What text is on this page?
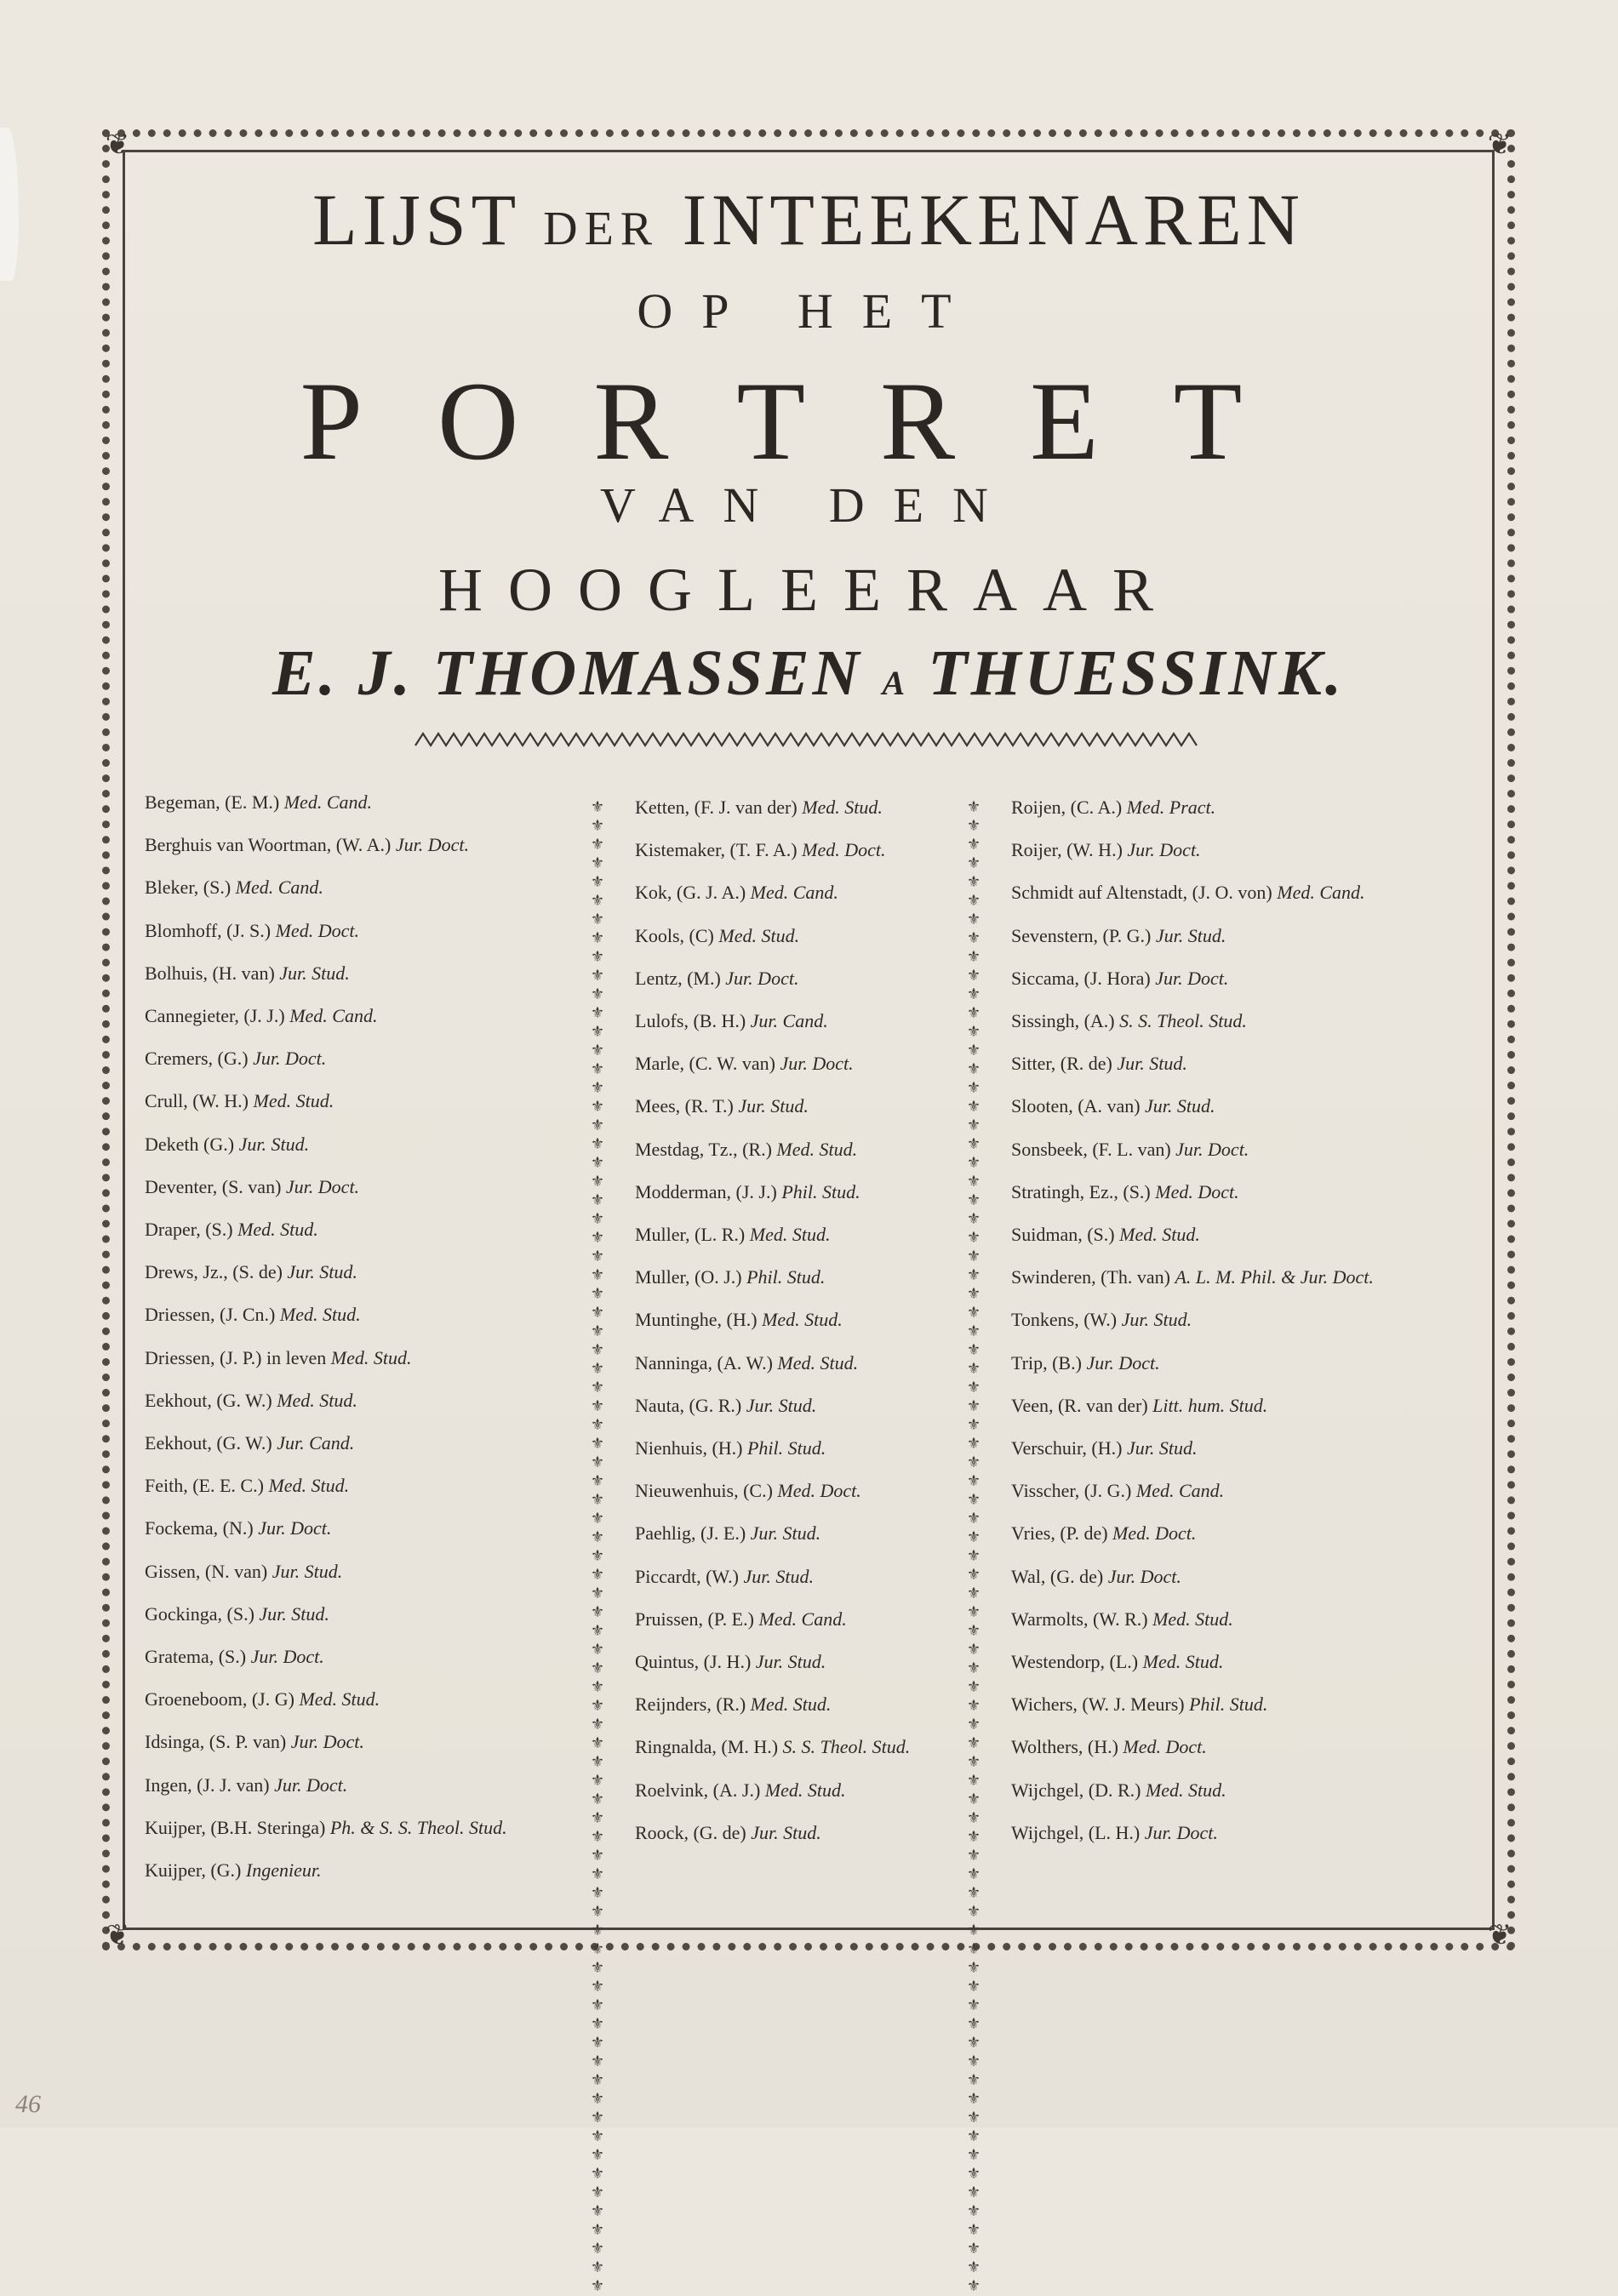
❦	❦
❦	❦
LIJST DER INTEEKENAREN
OP HET
PORTRET
VAN DEN
HOOGLEERAAR
E. J. THOMASSEN A THUESSINK.
Begeman, (E. M.) Med. Cand.
Berghuis van Woortman, (W. A.) Jur. Doct.
Bleker, (S.) Med. Cand.
Blomhoff, (J. S.) Med. Doct.
Bolhuis, (H. van) Jur. Stud.
Cannegieter, (J. J.) Med. Cand.
Cremers, (G.) Jur. Doct.
Crull, (W. H.) Med. Stud.
Deketh (G.) Jur. Stud.
Deventer, (S. van) Jur. Doct.
Draper, (S.) Med. Stud.
Drews, Jz., (S. de) Jur. Stud.
Driessen, (J. Cn.) Med. Stud.
Driessen, (J. P.) in leven Med. Stud.
Eekhout, (G. W.) Med. Stud.
Eekhout, (G. W.) Jur. Cand.
Feith, (E. E. C.) Med. Stud.
Fockema, (N.) Jur. Doct.
Gissen, (N. van) Jur. Stud.
Gockinga, (S.) Jur. Stud.
Gratema, (S.) Jur. Doct.
Groeneboom, (J. G) Med. Stud.
Idsinga, (S. P. van) Jur. Doct.
Ingen, (J. J. van) Jur. Doct.
Kuijper, (B.H. Steringa) Ph. & S. S. Theol. Stud.
Kuijper, (G.) Ingenieur.
Ketten, (F. J. van der) Med. Stud.
Kistemaker, (T. F. A.) Med. Doct.
Kok, (G. J. A.) Med. Cand.
Kools, (C) Med. Stud.
Lentz, (M.) Jur. Doct.
Lulofs, (B. H.) Jur. Cand.
Marle, (C. W. van) Jur. Doct.
Mees, (R. T.) Jur. Stud.
Mestdag, Tz., (R.) Med. Stud.
Modderman, (J. J.) Phil. Stud.
Muller, (L. R.) Med. Stud.
Muller, (O. J.) Phil. Stud.
Muntinghe, (H.) Med. Stud.
Nanninga, (A. W.) Med. Stud.
Nauta, (G. R.) Jur. Stud.
Nienhuis, (H.) Phil. Stud.
Nieuwenhuis, (C.) Med. Doct.
Paehlig, (J. E.) Jur. Stud.
Piccardt, (W.) Jur. Stud.
Pruissen, (P. E.) Med. Cand.
Quintus, (J. H.) Jur. Stud.
Reijnders, (R.) Med. Stud.
Ringnalda, (M. H.) S. S. Theol. Stud.
Roelvink, (A. J.) Med. Stud.
Roock, (G. de) Jur. Stud.
Roijen, (C. A.) Med. Pract.
Roijer, (W. H.) Jur. Doct.
Schmidt auf Altenstadt, (J. O. von) Med. Cand.
Sevenstern, (P. G.) Jur. Stud.
Siccama, (J. Hora) Jur. Doct.
Sissingh, (A.) S. S. Theol. Stud.
Sitter, (R. de) Jur. Stud.
Slooten, (A. van) Jur. Stud.
Sonsbeek, (F. L. van) Jur. Doct.
Stratingh, Ez., (S.) Med. Doct.
Suidman, (S.) Med. Stud.
Swinderen, (Th. van) A. L. M. Phil. & Jur. Doct.
Tonkens, (W.) Jur. Stud.
Trip, (B.) Jur. Doct.
Veen, (R. van der) Litt. hum. Stud.
Verschuir, (H.) Jur. Stud.
Visscher, (J. G.) Med. Cand.
Vries, (P. de) Med. Doct.
Wal, (G. de) Jur. Doct.
Warmolts, (W. R.) Med. Stud.
Westendorp, (L.) Med. Stud.
Wichers, (W. J. Meurs) Phil. Stud.
Wolthers, (H.) Med. Doct.
Wijchgel, (D. R.) Med. Stud.
Wijchgel, (L. H.) Jur. Doct.
⚜⚜⚜⚜⚜⚜⚜⚜⚜⚜⚜⚜⚜⚜⚜⚜⚜⚜⚜⚜⚜⚜⚜⚜⚜⚜⚜⚜⚜⚜⚜⚜⚜⚜⚜⚜⚜⚜⚜⚜⚜⚜⚜⚜⚜⚜⚜⚜⚜⚜⚜⚜⚜⚜⚜⚜⚜⚜⚜⚜⚜⚜⚜⚜⚜⚜⚜⚜⚜⚜⚜⚜⚜⚜⚜⚜⚜⚜⚜⚜
⚜⚜⚜⚜⚜⚜⚜⚜⚜⚜⚜⚜⚜⚜⚜⚜⚜⚜⚜⚜⚜⚜⚜⚜⚜⚜⚜⚜⚜⚜⚜⚜⚜⚜⚜⚜⚜⚜⚜⚜⚜⚜⚜⚜⚜⚜⚜⚜⚜⚜⚜⚜⚜⚜⚜⚜⚜⚜⚜⚜⚜⚜⚜⚜⚜⚜⚜⚜⚜⚜⚜⚜⚜⚜⚜⚜⚜⚜⚜⚜
46
